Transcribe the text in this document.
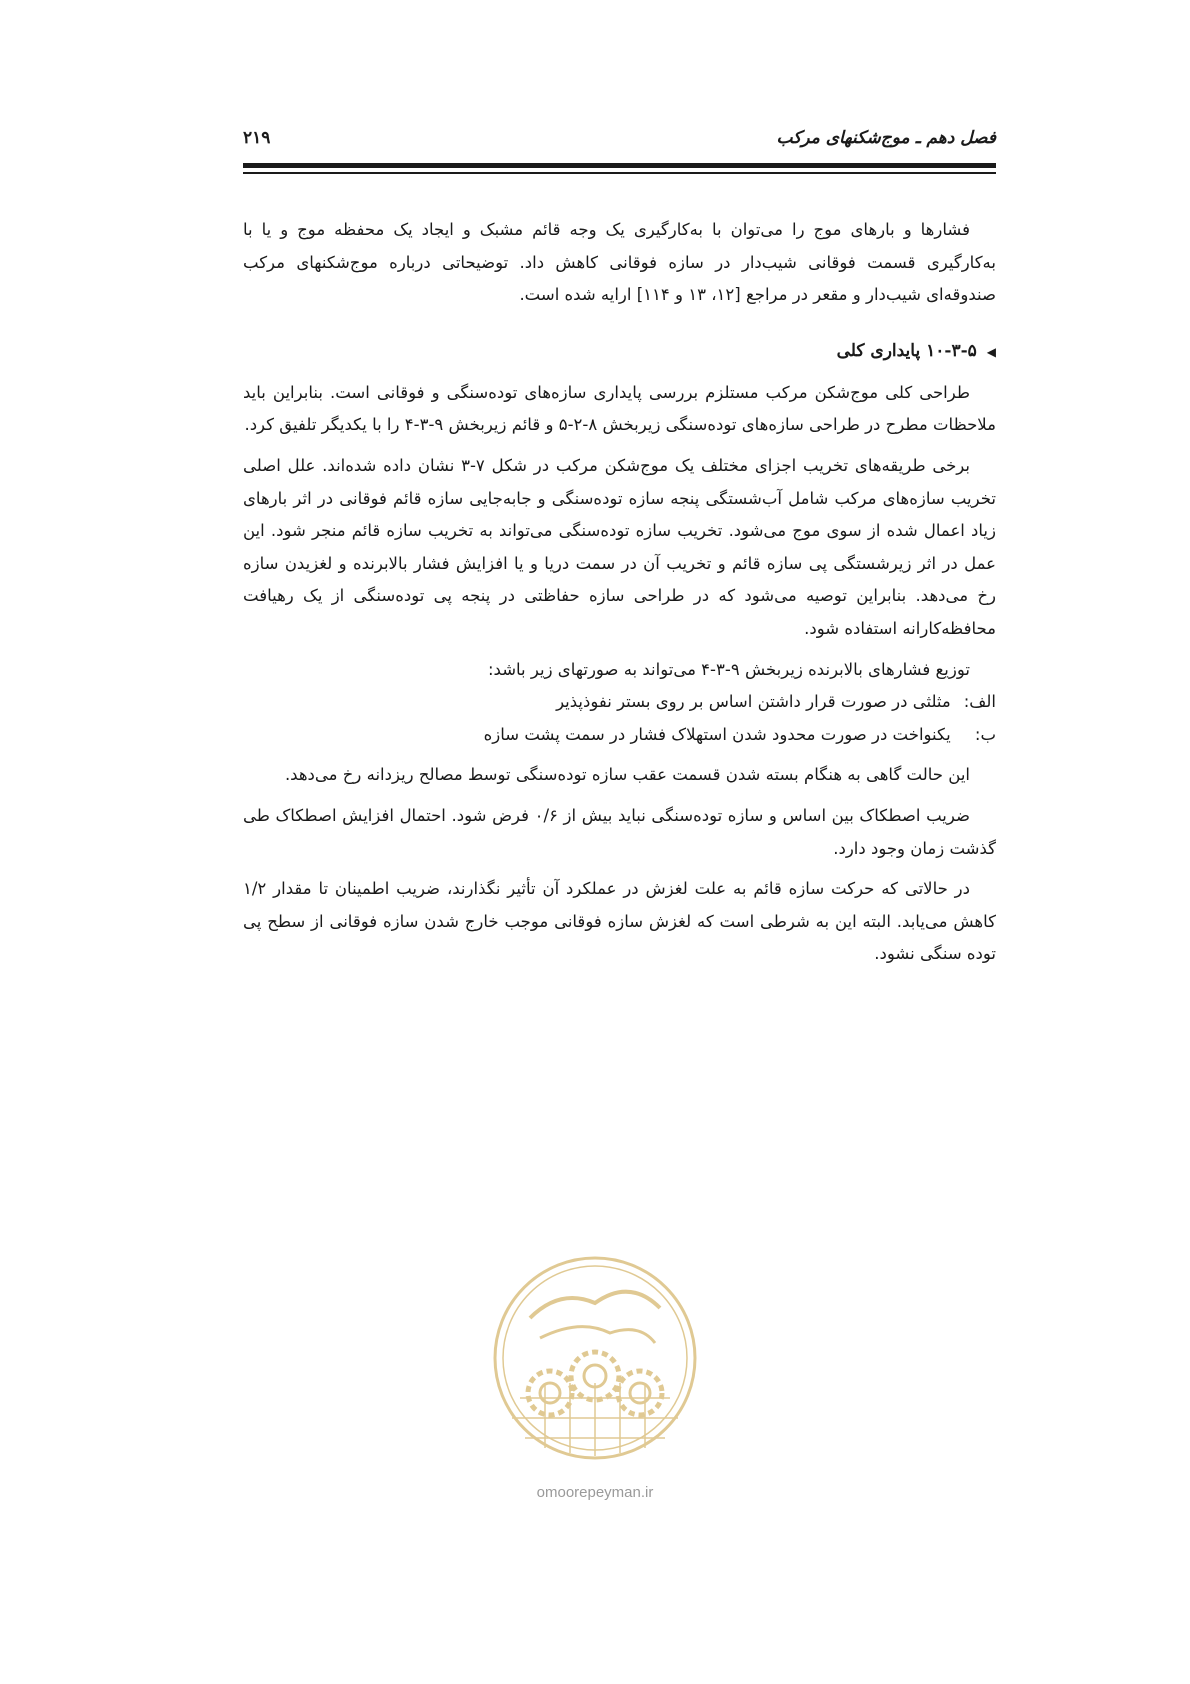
فصل دهم ـ موج‌شکنهای مرکب
۲۱۹

فشارها و بارهای موج را می‌توان با به‌کارگیری یک وجه قائم مشبک و ایجاد یک محفظه موج و یا با به‌کارگیری قسمت فوقانی شیب‌دار در سازه فوقانی کاهش داد. توضیحاتی درباره موج‌شکنهای مرکب صندوقه‌ای شیب‌دار و مقعر در مراجع [۱۲، ۱۳ و ۱۱۴] ارایه شده است.

◀۱۰-۳-۵ پایداری کلی

طراحی کلی موج‌شکن مرکب مستلزم بررسی پایداری سازه‌های توده‌سنگی و فوقانی است. بنابراین باید ملاحظات مطرح در طراحی سازه‌های توده‌سنگی زیربخش ۸-۲-۵ و قائم زیربخش ۹-۳-۴ را با یکدیگر تلفیق کرد.

برخی طریقه‌های تخریب اجزای مختلف یک موج‌شکن مرکب در شکل ۷-۳ نشان داده شده‌اند. علل اصلی تخریب سازه‌های مرکب شامل آب‌شستگی پنجه سازه توده‌سنگی و جابه‌جایی سازه قائم فوقانی در اثر بارهای زیاد اعمال شده از سوی موج می‌شود. تخریب سازه توده‌سنگی می‌تواند به تخریب سازه قائم منجر شود. این عمل در اثر زیرشستگی پی سازه قائم و تخریب آن در سمت دریا و یا افزایش فشار بالابرنده و لغزیدن سازه رخ می‌دهد. بنابراین توصیه می‌شود که در طراحی سازه حفاظتی در پنجه پی توده‌سنگی از یک رهیافت محافظه‌کارانه استفاده شود.

توزیع فشارهای بالابرنده زیربخش ۹-۳-۴ می‌تواند به صورتهای زیر باشد:

الف: مثلثی در صورت قرار داشتن اساس بر روی بستر نفوذپذیر

ب: یکنواخت در صورت محدود شدن استهلاک فشار در سمت پشت سازه

این حالت گاهی به هنگام بسته شدن قسمت عقب سازه توده‌سنگی توسط مصالح ریزدانه رخ می‌دهد.

ضریب اصطکاک بین اساس و سازه توده‌سنگی نباید بیش از ۰/۶ فرض شود. احتمال افزایش اصطکاک طی گذشت زمان وجود دارد.

در حالاتی که حرکت سازه قائم به علت لغزش در عملکرد آن تأثیر نگذارند، ضریب اطمینان تا مقدار ۱/۲ کاهش می‌یابد. البته این به شرطی است که لغزش سازه فوقانی موجب خارج شدن سازه فوقانی از سطح پی توده سنگی نشود.

omoorepeyman.ir
